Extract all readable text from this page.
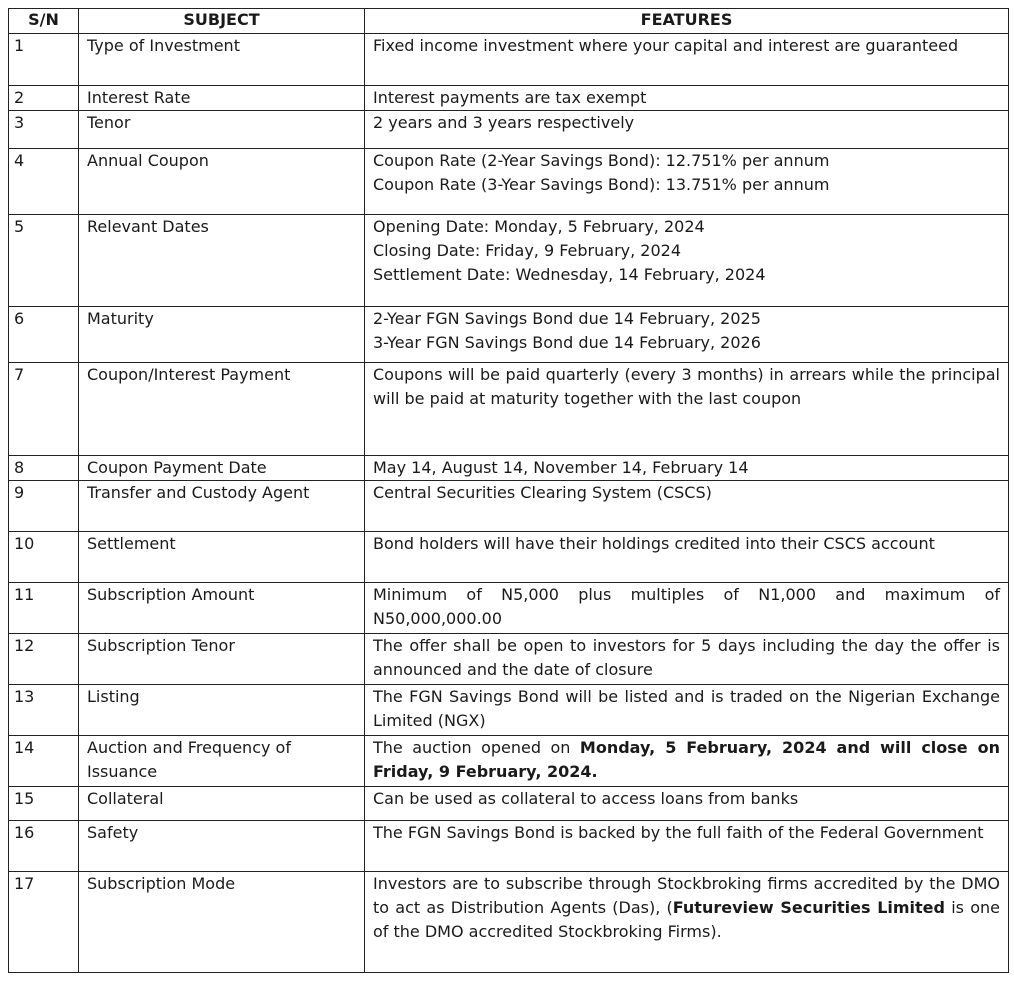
S/N	SUBJECT	FEATURES
1	Type of Investment	Fixed income investment where your capital and interest are guaranteed

2	Interest Rate	Interest payments are tax exempt

3	Tenor	2 years and 3 years respectively

4	Annual Coupon	Coupon Rate (2-Year Savings Bond): 12.751% per annum
Coupon Rate (3-Year Savings Bond): 13.751% per annum

5	Relevant Dates	Opening Date: Monday, 5 February, 2024
Closing Date: Friday, 9 February, 2024
Settlement Date: Wednesday, 14 February, 2024

6	Maturity	2-Year FGN Savings Bond due 14 February, 2025
3-Year FGN Savings Bond due 14 February, 2026

7	Coupon/Interest Payment	Coupons will be paid quarterly (every 3 months) in arrears while the principal will be paid at maturity together with the last coupon

8	Coupon Payment Date	May 14, August 14, November 14, February 14

9	Transfer and Custody Agent	Central Securities Clearing System (CSCS)

10	Settlement	Bond holders will have their holdings credited into their CSCS account

11	Subscription Amount	Minimum of N5,000 plus multiples of N1,000 and maximum of N50,000,000.00

12	Subscription Tenor	The offer shall be open to investors for 5 days including the day the offer is announced and the date of closure

13	Listing	The FGN Savings Bond will be listed and is traded on the Nigerian Exchange Limited (NGX)

14	Auction and Frequency of Issuance	The auction opened on Monday, 5 February, 2024 and will close on Friday, 9 February, 2024.
15	Collateral	Can be used as collateral to access loans from banks

16	Safety	The FGN Savings Bond is backed by the full faith of the Federal Government

17	Subscription Mode	Investors are to subscribe through Stockbroking firms accredited by the DMO to act as Distribution Agents (Das), (Futureview Securities Limited is one of the DMO accredited Stockbroking Firms).
